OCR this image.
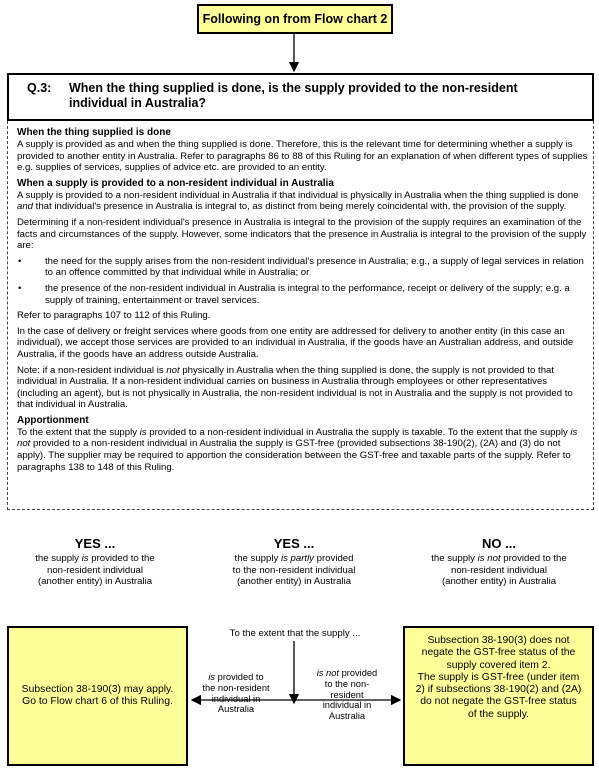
Following on from Flow chart 2
Q.3: When the thing supplied is done, is the supply provided to the non-resident individual in Australia?
When the thing supplied is done

A supply is provided as and when the thing supplied is done. Therefore, this is the relevant time for determining whether a supply is provided to another entity in Australia. Refer to paragraphs 86 to 88 of this Ruling for an explanation of when different types of supplies e.g. supplies of services, supplies of advice etc. are provided to an entity.

When a supply is provided to a non-resident individual in Australia

A supply is provided to a non-resident individual in Australia if that individual is physically in Australia when the thing supplied is done and that individual's presence in Australia is integral to, as distinct from being merely coincidental with, the provision of the supply.

Determining if a non-resident individual's presence in Australia is integral to the provision of the supply requires an examination of the facts and circumstances of the supply. However, some indicators that the presence in Australia is integral to the provision of the supply are:

• the need for the supply arises from the non-resident individual's presence in Australia; e.g., a supply of legal services in relation to an offence committed by that individual while in Australia; or
• the presence of the non-resident individual in Australia is integral to the performance, receipt or delivery of the supply; e.g. a supply of training, entertainment or travel services.

Refer to paragraphs 107 to 112 of this Ruling.

In the case of delivery or freight services where goods from one entity are addressed for delivery to another entity (in this case an individual), we accept those services are provided to an individual in Australia, if the goods have an Australian address, and outside Australia, if the goods have an address outside Australia.

Note: if a non-resident individual is not physically in Australia when the thing supplied is done, the supply is not provided to that individual in Australia. If a non-resident individual carries on business in Australia through employees or other representatives (including an agent), but is not physically in Australia, the non-resident individual is not in Australia and the supply is not provided to that individual in Australia.

Apportionment

To the extent that the supply is provided to a non-resident individual in Australia the supply is taxable. To the extent that the supply is not provided to a non-resident individual in Australia the supply is GST-free (provided subsections 38-190(2), (2A) and (3) do not apply). The supplier may be required to apportion the consideration between the GST-free and taxable parts of the supply. Refer to paragraphs 138 to 148 of this Ruling.

YES ...
the supply is provided to the
non-resident individual
(another entity) in Australia
YES ...
the supply is partly provided
to the non-resident individual
(another entity) in Australia
NO ...
the supply is not provided to the
non-resident individual
(another entity) in Australia
To the extent that the supply ...
is provided to
the non-resident
individual in
Australia
is not provided
to the non-
resident
individual in
Australia
Subsection 38-190(3) may apply.
Go to Flow chart 6 of this Ruling.
Subsection 38-190(3) does not negate the GST-free status of the supply covered item 2.
The supply is GST-free (under item 2) if subsections 38-190(2) and (2A) do not negate the GST-free status of the supply.
